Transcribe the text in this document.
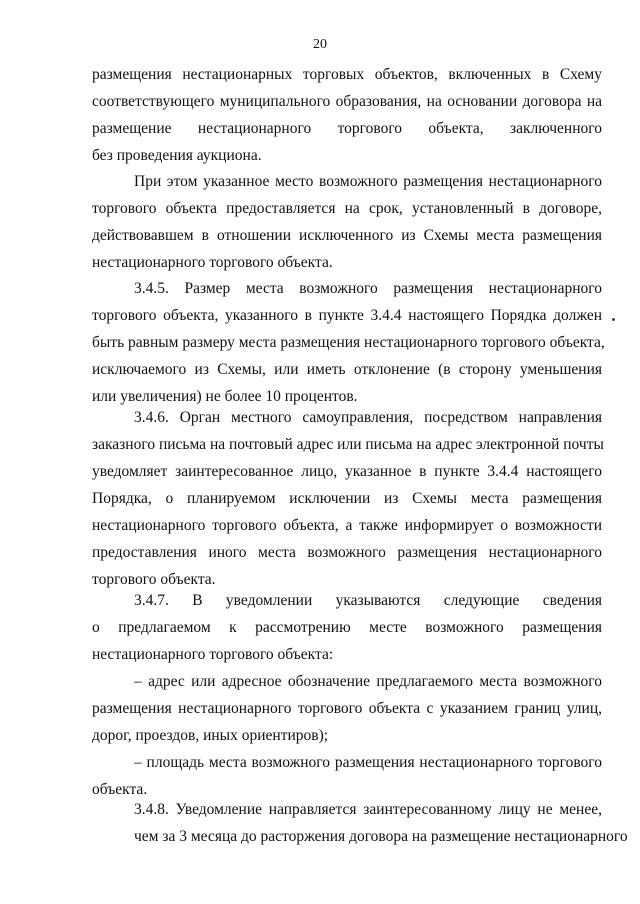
20
размещения нестационарных торговых объектов, включенных в Схему
соответствующего муниципального образования, на основании договора на
размещение нестационарного торгового объекта, заключенного
без проведения аукциона.
При этом указанное место возможного размещения нестационарного
торгового объекта предоставляется на срок, установленный в договоре,
действовавшем в отношении исключенного из Схемы места размещения
нестационарного торгового объекта.
3.4.5. Размер места возможного размещения нестационарного
торгового объекта, указанного в пункте 3.4.4 настоящего Порядка должен
быть равным размеру места размещения нестационарного торгового объекта,
исключаемого из Схемы, или иметь отклонение (в сторону уменьшения
или увеличения) не более 10 процентов.
3.4.6. Орган местного самоуправления, посредством направления
заказного письма на почтовый адрес или письма на адрес электронной почты
уведомляет заинтересованное лицо, указанное в пункте 3.4.4 настоящего
Порядка, о планируемом исключении из Схемы места размещения
нестационарного торгового объекта, а также информирует о возможности
предоставления иного места возможного размещения нестационарного
торгового объекта.
3.4.7. В уведомлении указываются следующие сведения
о предлагаемом к рассмотрению месте возможного размещения
нестационарного торгового объекта:
– адрес или адресное обозначение предлагаемого места возможного
размещения нестационарного торгового объекта с указанием границ улиц,
дорог, проездов, иных ориентиров);
– площадь места возможного размещения нестационарного торгового
объекта.
3.4.8. Уведомление направляется заинтересованному лицу не менее,
чем за 3 месяца до расторжения договора на размещение нестационарного
